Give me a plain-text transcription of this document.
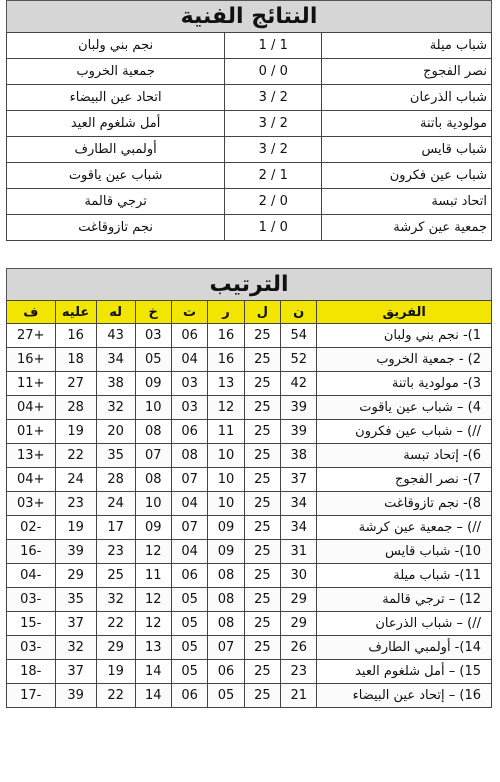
النتائج الفنية
شباب ميلة	1 / 1	نجم بني ولبان
نصر الفجوج	0 / 0	جمعية الخروب
شباب الذرعان	2 / 3	اتحاد عين البيضاء
مولودية باتنة	2 / 3	أمل شلغوم العيد
شباب قايس	2 / 3	أولمبي الطارف
شباب عين فكرون	1 / 2	شباب عين ياقوت
اتحاد تبسة	0 / 2	ترجي قالمة
جمعية عين كرشة	0 / 1	نجم تازوقاغت
الترتيب
الفريق	ن	ل	ر	ت	خ	له	عليه	ف
1)- نجم بني ولبان	54	25	16	06	03	43	16	+27
2) - جمعية الخروب	52	25	16	04	05	34	18	+16
3)- مولودية باتنة	42	25	13	03	09	38	27	+11
4) – شباب عين ياقوت	39	25	12	03	10	32	28	+04
//) – شباب عين فكرون	39	25	11	06	08	20	19	+01
6)- إتحاد تبسة	38	25	10	08	07	35	22	+13
7)- نصر الفجوج	37	25	10	07	08	28	24	+04
8)- نجم تازوقاغت	34	25	10	04	10	24	23	+03
//) – جمعية عين كرشة	34	25	09	07	09	17	19	-02
10)- شباب قايس	31	25	09	04	12	23	39	-16
11)- شباب ميلة	30	25	08	06	11	25	29	-04
12) – ترجي قالمة	29	25	08	05	12	32	35	-03
//) – شباب الذرعان	29	25	08	05	12	22	37	-15
14)- أولمبي الطارف	26	25	07	05	13	29	32	-03
15) – أمل شلغوم العيد	23	25	06	05	14	19	37	-18
16) – إتحاد عين البيضاء	21	25	05	06	14	22	39	-17
